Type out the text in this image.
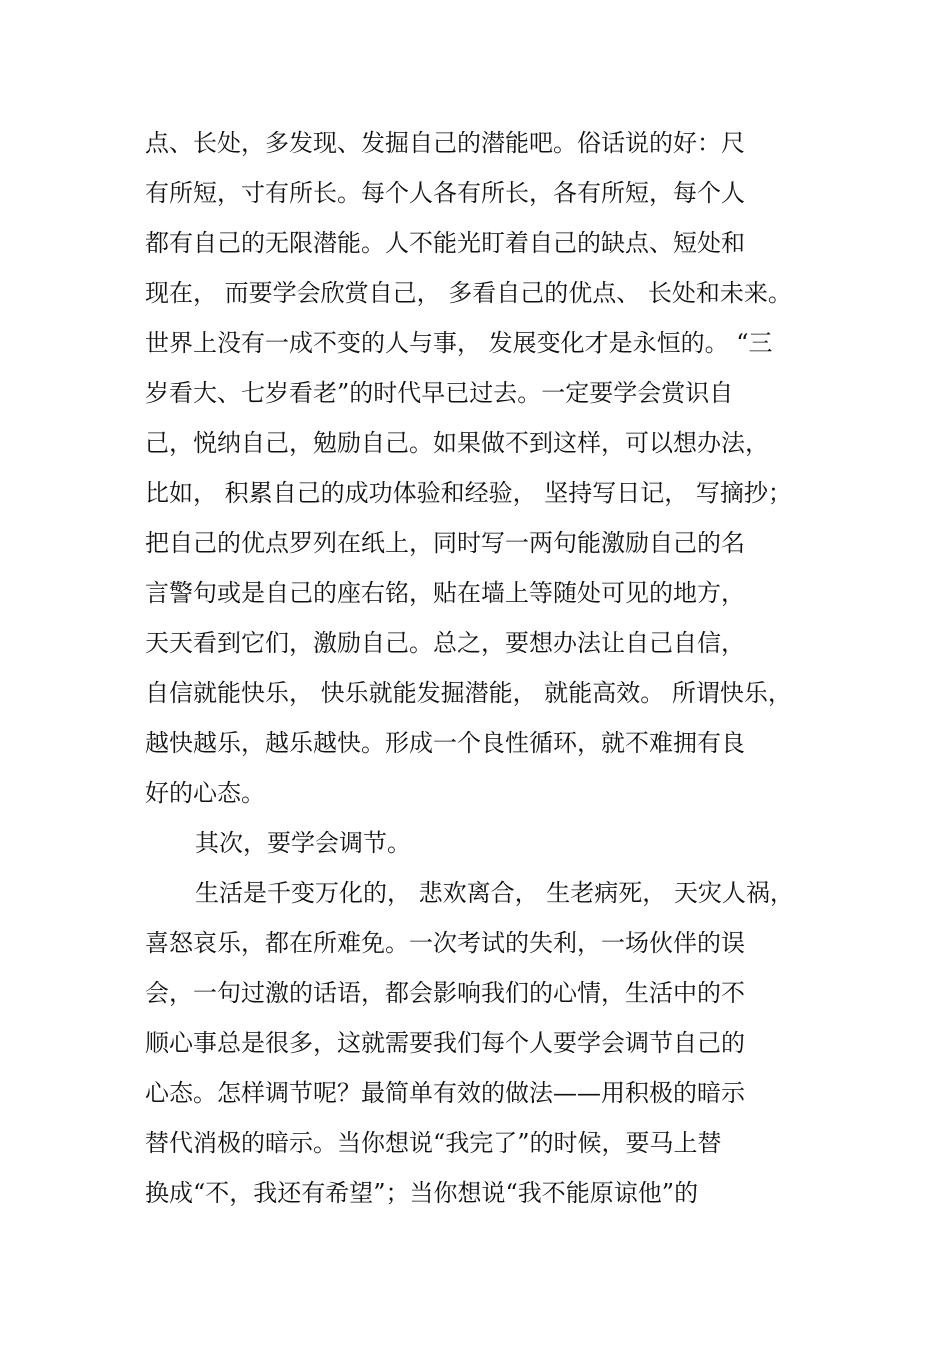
点、长处，多发现、发掘自己的潜能吧。俗话说的好：尺
有所短，寸有所长。每个人各有所长，各有所短，每个人
都有自己的无限潜能。人不能光盯着自己的缺点、短处和
现在， 而要学会欣赏自己， 多看自己的优点、 长处和未来。
世界上没有一成不变的人与事， 发展变化才是永恒的。 “三
岁看大、七岁看老”的时代早已过去。一定要学会赏识自
己，悦纳自己，勉励自己。如果做不到这样，可以想办法，
比如， 积累自己的成功体验和经验， 坚持写日记， 写摘抄；
把自己的优点罗列在纸上，同时写一两句能激励自己的名
言警句或是自己的座右铭，贴在墙上等随处可见的地方，
天天看到它们，激励自己。总之，要想办法让自己自信，
自信就能快乐， 快乐就能发掘潜能， 就能高效。 所谓快乐，
越快越乐，越乐越快。形成一个良性循环，就不难拥有良
好的心态。
其次，要学会调节。
生活是千变万化的， 悲欢离合， 生老病死， 天灾人祸，
喜怒哀乐，都在所难免。一次考试的失利，一场伙伴的误
会，一句过激的话语，都会影响我们的心情，生活中的不
顺心事总是很多，这就需要我们每个人要学会调节自己的
心态。怎样调节呢？最简单有效的做法——用积极的暗示
替代消极的暗示。当你想说“我完了”的时候，要马上替
换成“不，我还有希望”；当你想说“我不能原谅他”的
